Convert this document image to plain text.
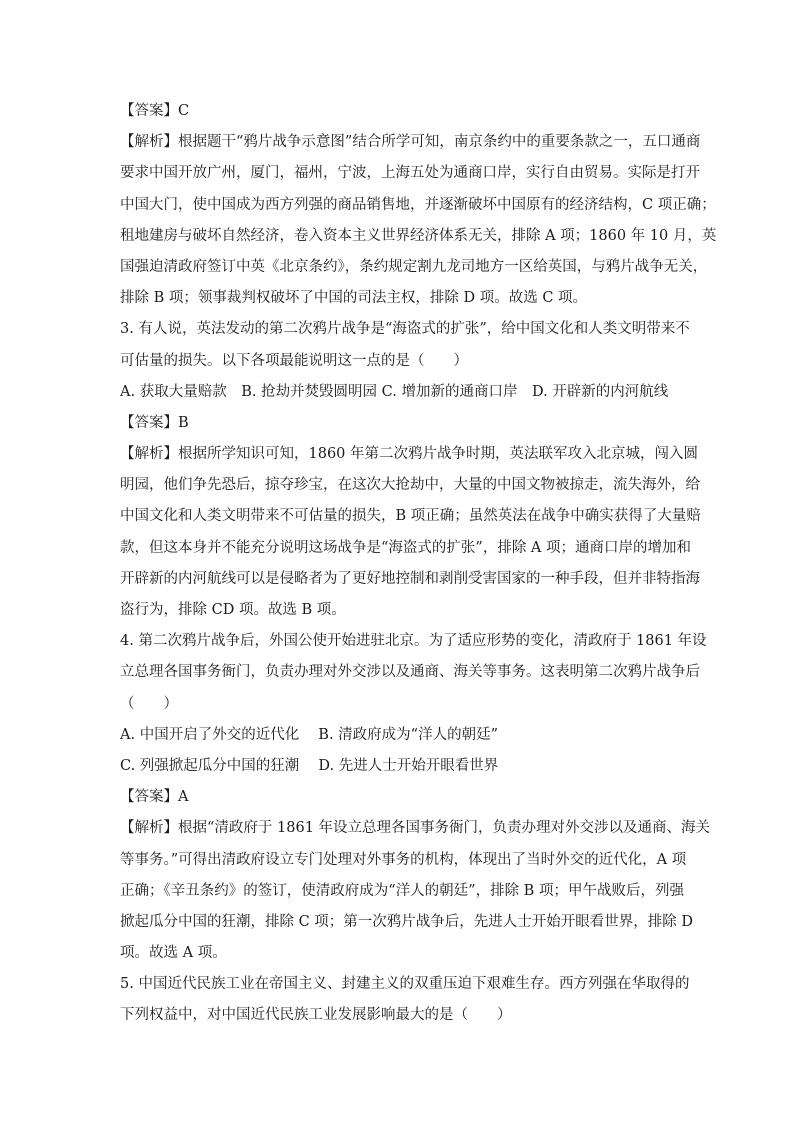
【答案】C
【解析】根据题干“鸦片战争示意图”结合所学可知，南京条约中的重要条款之一，五口通商
要求中国开放广州，厦门，福州，宁波，上海五处为通商口岸，实行自由贸易。实际是打开
中国大门，使中国成为西方列强的商品销售地，并逐渐破坏中国原有的经济结构，C 项正确；
租地建房与破坏自然经济，卷入资本主义世界经济体系无关，排除 A 项；1860 年 10 月，英
国强迫清政府签订中英《北京条约》，条约规定割九龙司地方一区给英国，与鸦片战争无关，
排除 B 项；领事裁判权破坏了中国的司法主权，排除 D 项。故选 C 项。
3. 有人说，英法发动的第二次鸦片战争是“海盗式的扩张”，给中国文化和人类文明带来不
可估量的损失。以下各项最能说明这一点的是（　　）
A. 获取大量赔款　B. 抢劫并焚毁圆明园 C. 增加新的通商口岸　D. 开辟新的内河航线
【答案】B
【解析】根据所学知识可知，1860 年第二次鸦片战争时期，英法联军攻入北京城，闯入圆
明园，他们争先恐后，掠夺珍宝，在这次大抢劫中，大量的中国文物被掠走，流失海外，给
中国文化和人类文明带来不可估量的损失，B 项正确；虽然英法在战争中确实获得了大量赔
款，但这本身并不能充分说明这场战争是“海盗式的扩张”，排除 A 项；通商口岸的增加和
开辟新的内河航线可以是侵略者为了更好地控制和剥削受害国家的一种手段，但并非特指海
盗行为，排除 CD 项。故选 B 项。
4. 第二次鸦片战争后，外国公使开始进驻北京。为了适应形势的变化，清政府于 1861 年设
立总理各国事务衙门，负责办理对外交涉以及通商、海关等事务。这表明第二次鸦片战争后
（　　）
A. 中国开启了外交的近代化　 B. 清政府成为“洋人的朝廷”
C. 列强掀起瓜分中国的狂潮　 D. 先进人士开始开眼看世界
【答案】A
【解析】根据“清政府于 1861 年设立总理各国事务衙门，负责办理对外交涉以及通商、海关
等事务。”可得出清政府设立专门处理对外事务的机构，体现出了当时外交的近代化，A 项
正确；《辛丑条约》的签订，使清政府成为“洋人的朝廷”，排除 B 项；甲午战败后，列强
掀起瓜分中国的狂潮，排除 C 项；第一次鸦片战争后，先进人士开始开眼看世界，排除 D
项。故选 A 项。
5. 中国近代民族工业在帝国主义、封建主义的双重压迫下艰难生存。西方列强在华取得的
下列权益中，对中国近代民族工业发展影响最大的是（　　）
